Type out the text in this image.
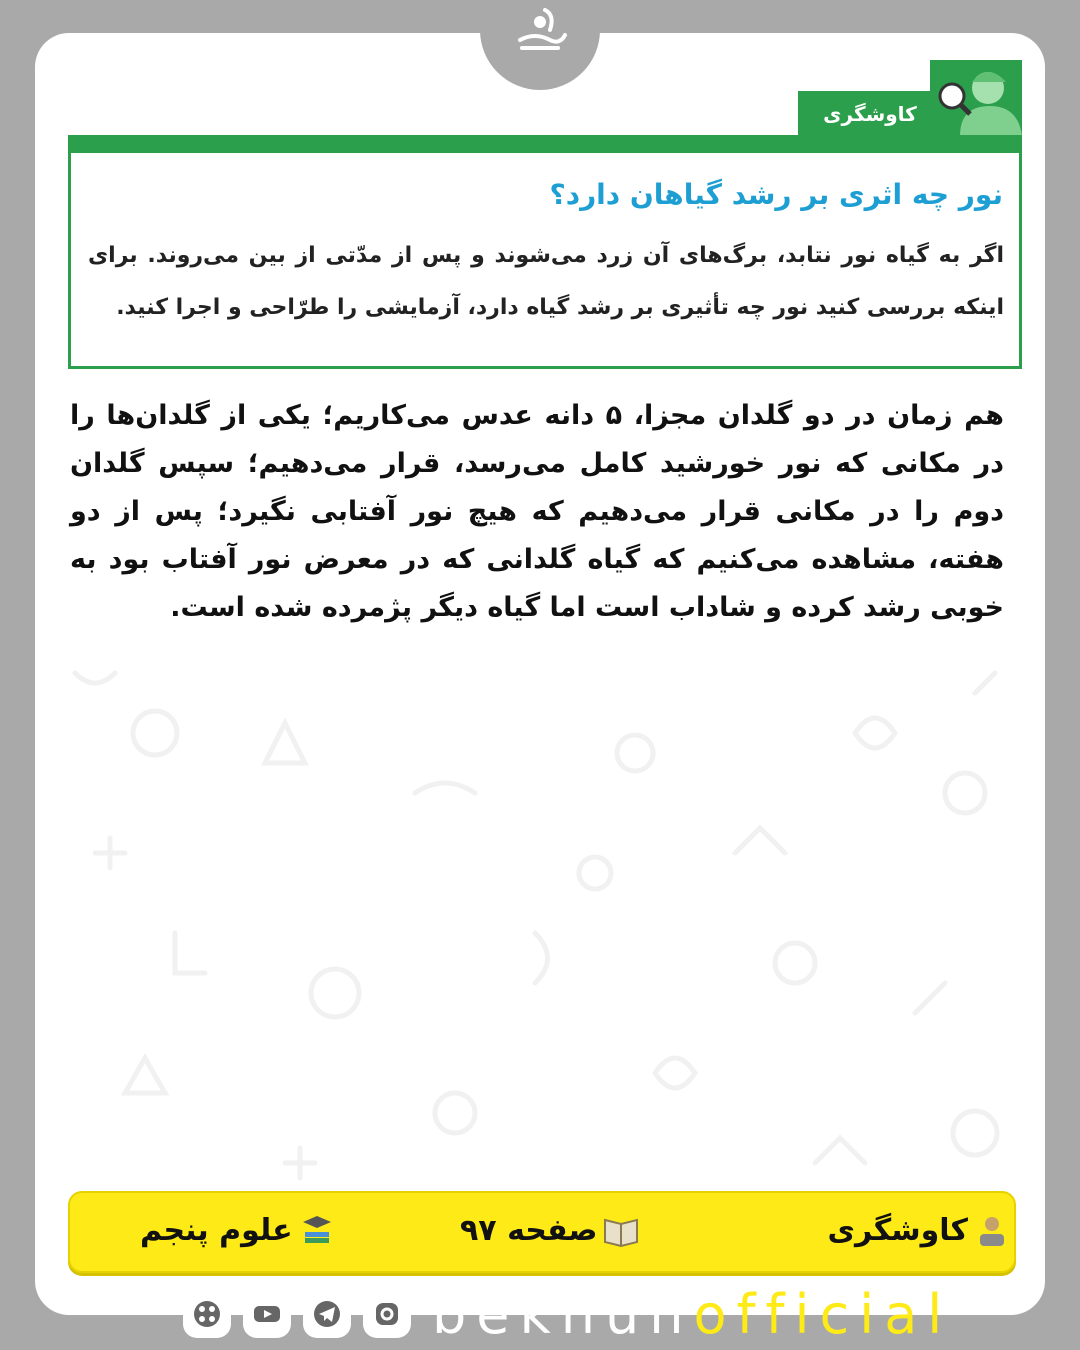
کاوشگری
نور چه اثری بر رشد گیاهان دارد؟
اگر به گیاه نور نتابد، برگ‌های آن زرد می‌شوند و پس از مدّتی از بین می‌روند. برای اینکه بررسی کنید نور چه تأثیری بر رشد گیاه دارد، آزمایشی را طرّاحی و اجرا کنید.
هم زمان در دو گلدان مجزا، ۵ دانه عدس می‌کاریم؛ یکی از گلدان‌ها را در مکانی که نور خورشید کامل می‌رسد، قرار می‌دهیم؛ سپس گلدان دوم را در مکانی قرار می‌دهیم که هیچ نور آفتابی نگیرد؛ پس از دو هفته، مشاهده می‌کنیم که گیاه گلدانی که در معرض نور آفتاب بود به خوبی رشد کرده و شاداب است اما گیاه دیگر پژمرده شده است.
کاوشگری
صفحه ۹۷
علوم پنجم
bekhunofficial
